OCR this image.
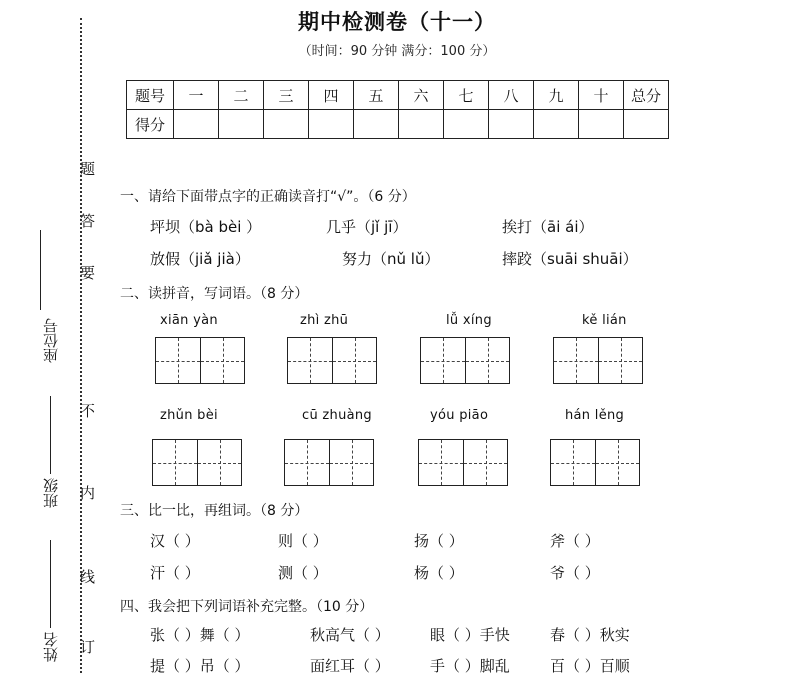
期中检测卷（十一）
（时间：90 分钟 满分：100 分）
题
答
要
不
内
线
订
座位号
班级
姓名
题号	一	二	三	四	五	六	七	八	九	十	总分
得分											
一、请给下面带点字的正确读音打“√”。（6 分）
坪坝（bà bèi ）	几乎（jǐ jī）	挨打（āi ái）
放假（jiǎ jià）	努力（nǔ lǔ）	摔跤（suāi shuāi）
二、读拼音，写词语。（8 分）
xiān yàn	zhì zhū	lǚ xíng	kě lián
zhǔn bèi	cū zhuàng	yóu piāo	hán lěng
三、比一比，再组词。（8 分）
汉（ ）	则（ ）	扬（ ）	斧（ ）
汗（ ）	测（ ）	杨（ ）	爷（ ）
四、我会把下列词语补充完整。（10 分）
张（ ）舞（ ）	秋高气（ ）	眼（ ）手快	春（ ）秋实
提（ ）吊（ ）	面红耳（ ）	手（ ）脚乱	百（ ）百顺
